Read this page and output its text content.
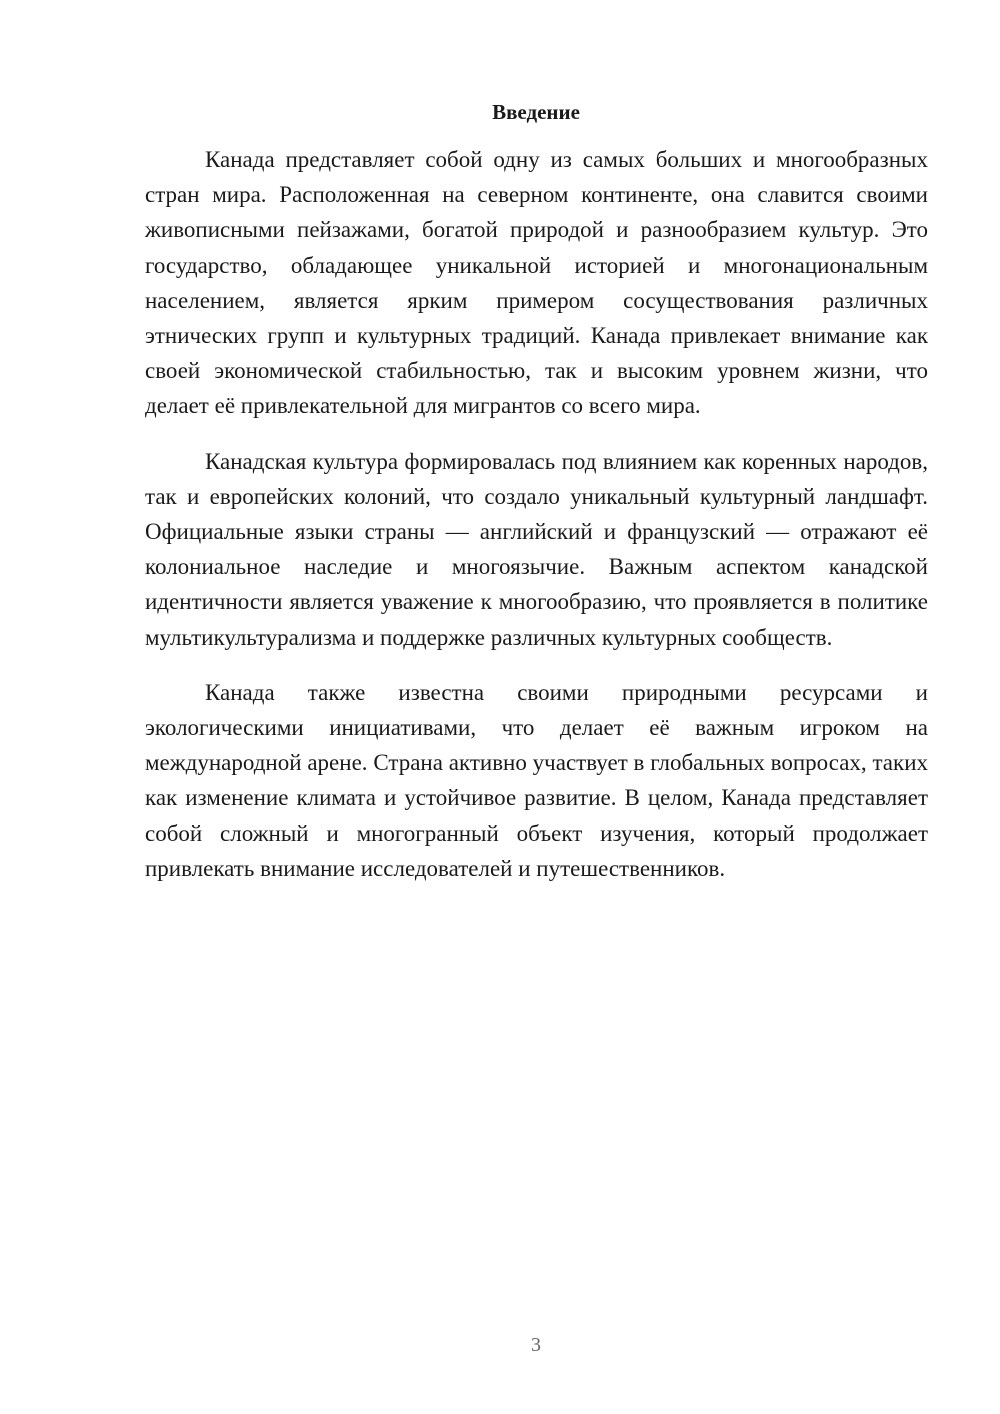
Введение

Канада представляет собой одну из самых больших и многообразных стран мира. Расположенная на северном континенте, она славится своими живописными пейзажами, богатой природой и разнообразием культур. Это государство, обладающее уникальной историей и многонациональным населением, является ярким примером сосуществования различных этнических групп и культурных традиций. Канада привлекает внимание как своей экономической стабильностью, так и высоким уровнем жизни, что делает её привлекательной для мигрантов со всего мира.

Канадская культура формировалась под влиянием как коренных народов, так и европейских колоний, что создало уникальный культурный ландшафт. Официальные языки страны — английский и французский — отражают её колониальное наследие и многоязычие. Важным аспектом канадской идентичности является уважение к многообразию, что проявляется в политике мультикультурализма и поддержке различных культурных сообществ.

Канада также известна своими природными ресурсами и экологическими инициативами, что делает её важным игроком на международной арене. Страна активно участвует в глобальных вопросах, таких как изменение климата и устойчивое развитие. В целом, Канада представляет собой сложный и многогранный объект изучения, который продолжает привлекать внимание исследователей и путешественников.

3
